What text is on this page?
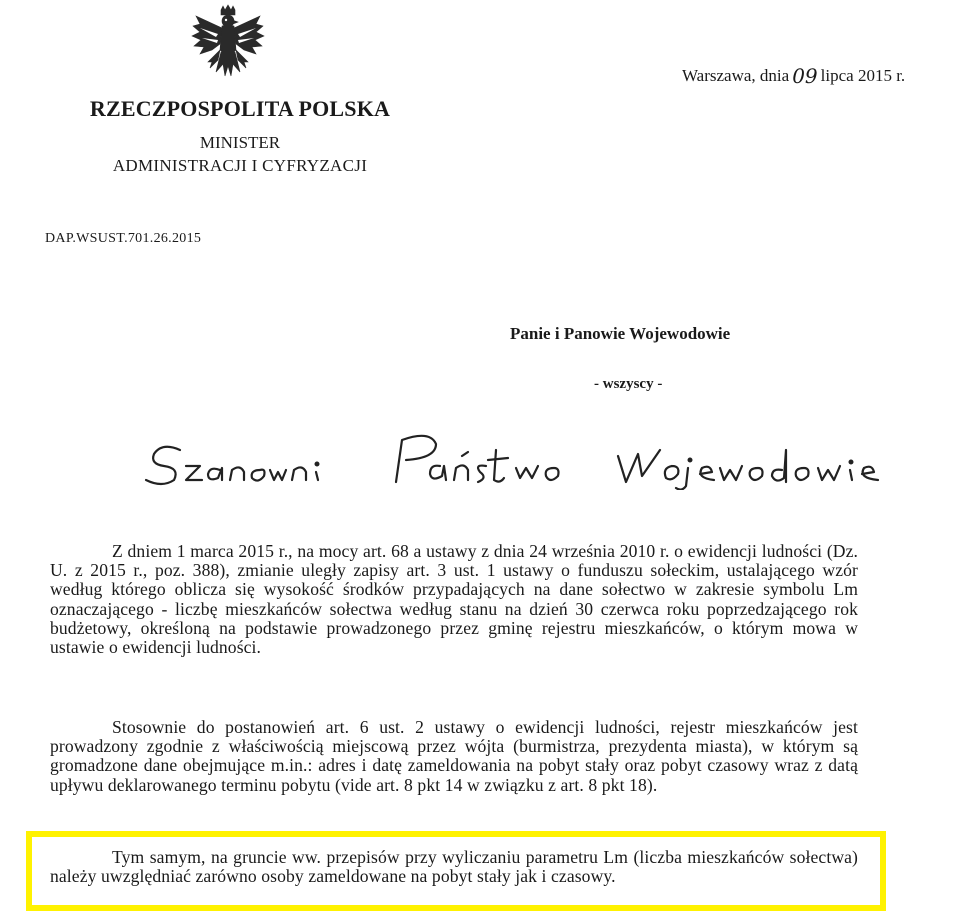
RZECZPOSPOLITA POLSKA
MINISTER
ADMINISTRACJI I CYFRYZACJI
Warszawa, dnia 09 lipca 2015 r.
DAP.WSUST.701.26.2015
Panie i Panowie Wojewodowie
- wszyscy -

Z dniem 1 marca 2015 r., na mocy art. 68 a ustawy z dnia 24 września 2010 r. o ewidencji ludności (Dz. U. z 2015 r., poz. 388), zmianie uległy zapisy art. 3 ust. 1 ustawy o funduszu sołeckim, ustalającego wzór według którego oblicza się wysokość środków przypadających na dane sołectwo w zakresie symbolu Lm oznaczającego - liczbę mieszkańców sołectwa według stanu na dzień 30 czerwca roku poprzedzającego rok budżetowy, określoną na podstawie prowadzonego przez gminę rejestru mieszkańców, o którym mowa w ustawie o ewidencji ludności.

Stosownie do postanowień art. 6 ust. 2 ustawy o ewidencji ludności, rejestr mieszkańców jest prowadzony zgodnie z właściwością miejscową przez wójta (burmistrza, prezydenta miasta), w którym są gromadzone dane obejmujące m.in.: adres i datę zameldowania na pobyt stały oraz pobyt czasowy wraz z datą upływu deklarowanego terminu pobytu (vide art. 8 pkt 14 w związku z art. 8 pkt 18).

Tym samym, na gruncie ww. przepisów przy wyliczaniu parametru Lm (liczba mieszkańców sołectwa) należy uwzględniać zarówno osoby zameldowane na pobyt stały jak i czasowy.
